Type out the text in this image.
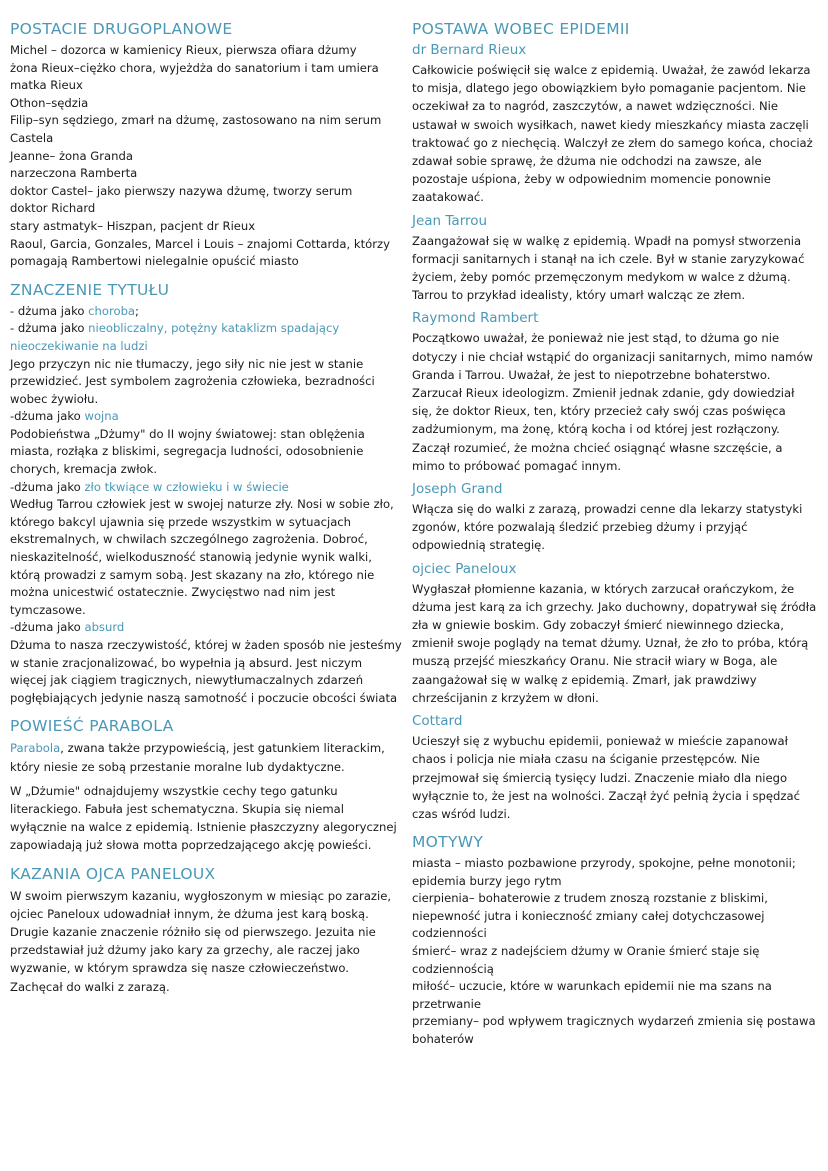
POSTACIE DRUGOPLANOWE
Michel – dozorca w kamienicy Rieux, pierwsza ofiara dżumy
żona Rieux–ciężko chora, wyjeżdża do sanatorium i tam umiera
matka Rieux
Othon–sędzia
Filip–syn sędziego, zmarł na dżumę, zastosowano na nim serum Castela
Jeanne– żona Granda
narzeczona Ramberta
doktor Castel– jako pierwszy nazywa dżumę, tworzy serum
doktor Richard
stary astmatyk– Hiszpan, pacjent dr Rieux
Raoul, Garcia, Gonzales, Marcel i Louis – znajomi Cottarda, którzy pomagają Rambertowi nielegalnie opuścić miasto
ZNACZENIE TYTUŁU
- dżuma jako choroba;
- dżuma jako nieobliczalny, potężny kataklizm spadający nieoczekiwanie na ludzi
Jego przyczyn nic nie tłumaczy, jego siły nic nie jest w stanie przewidzieć. Jest symbolem zagrożenia człowieka, bezradności wobec żywiołu.
-dżuma jako wojna
Podobieństwa „Dżumy" do II wojny światowej: stan oblężenia miasta, rozłąka z bliskimi, segregacja ludności, odosobnienie chorych, kremacja zwłok.
-dżuma jako zło tkwiące w człowieku i w świecie
Według Tarrou człowiek jest w swojej naturze zły. Nosi w sobie zło, którego bakcyl ujawnia się przede wszystkim w sytuacjach ekstremalnych, w chwilach szczególnego zagrożenia. Dobroć, nieskazitelność, wielkoduszność stanowią jedynie wynik walki, którą prowadzi z samym sobą. Jest skazany na zło, którego nie można unicestwić ostatecznie. Zwycięstwo nad nim jest tymczasowe.
-dżuma jako absurd
Dżuma to nasza rzeczywistość, której w żaden sposób nie jesteśmy w stanie zracjonalizować, bo wypełnia ją absurd. Jest niczym więcej jak ciągiem tragicznych, niewytłumaczalnych zdarzeń pogłębiających jedynie naszą samotność i poczucie obcości świata
POWIEŚĆ PARABOLA
Parabola, zwana także przypowieścią, jest gatunkiem literackim, który niesie ze sobą przestanie moralne lub dydaktyczne.
W „Dżumie" odnajdujemy wszystkie cechy tego gatunku literackiego. Fabuła jest schematyczna. Skupia się niemal wyłącznie na walce z epidemią. Istnienie płaszczyzny alegorycznej zapowiadają już słowa motta poprzedzającego akcję powieści.
KAZANIA OJCA PANELOUX
W swoim pierwszym kazaniu, wygłoszonym w miesiąc po zarazie, ojciec Paneloux udowadniał innym, że dżuma jest karą boską. Drugie kazanie znaczenie różniło się od pierwszego. Jezuita nie przedstawiał już dżumy jako kary za grzechy, ale raczej jako wyzwanie, w którym sprawdza się nasze człowieczeństwo. Zachęcał do walki z zarazą.
POSTAWA WOBEC EPIDEMII
dr Bernard Rieux
Całkowicie poświęcił się walce z epidemią. Uważał, że zawód lekarza to misja, dlatego jego obowiązkiem było pomaganie pacjentom. Nie oczekiwał za to nagród, zaszczytów, a nawet wdzięczności. Nie ustawał w swoich wysiłkach, nawet kiedy mieszkańcy miasta zaczęli traktować go z niechęcią. Walczył ze złem do samego końca, chociaż zdawał sobie sprawę, że dżuma nie odchodzi na zawsze, ale pozostaje uśpiona, żeby w odpowiednim momencie ponownie zaatakować.
Jean Tarrou
Zaangażował się w walkę z epidemią. Wpadł na pomysł stworzenia formacji sanitarnych i stanął na ich czele. Był w stanie zaryzykować życiem, żeby pomóc przemęczonym medykom w walce z dżumą. Tarrou to przykład idealisty, który umarł walcząc ze złem.
Raymond Rambert
Początkowo uważał, że ponieważ nie jest stąd, to dżuma go nie dotyczy i nie chciał wstąpić do organizacji sanitarnych, mimo namów Granda i Tarrou. Uważał, że jest to niepotrzebne bohaterstwo. Zarzucał Rieux ideologizm. Zmienił jednak zdanie, gdy dowiedział się, że doktor Rieux, ten, który przecież cały swój czas poświęca zadżumionym, ma żonę, którą kocha i od której jest rozłączony. Zaczął rozumieć, że można chcieć osiągnąć własne szczęście, a mimo to próbować pomagać innym.
Joseph Grand
Włącza się do walki z zarazą, prowadzi cenne dla lekarzy statystyki zgonów, które pozwalają śledzić przebieg dżumy i przyjąć odpowiednią strategię.
ojciec Paneloux
Wygłaszał płomienne kazania, w których zarzucał orańczykom, że dżuma jest karą za ich grzechy. Jako duchowny, dopatrywał się źródła zła w gniewie boskim. Gdy zobaczył śmierć niewinnego dziecka, zmienił swoje poglądy na temat dżumy. Uznał, że zło to próba, którą muszą przejść mieszkańcy Oranu. Nie stracił wiary w Boga, ale zaangażował się w walkę z epidemią. Zmarł, jak prawdziwy chrześcijanin z krzyżem w dłoni.
Cottard
Ucieszył się z wybuchu epidemii, ponieważ w mieście zapanował chaos i policja nie miała czasu na ściganie przestępców. Nie przejmował się śmiercią tysięcy ludzi. Znaczenie miało dla niego wyłącznie to, że jest na wolności. Zaczął żyć pełnią życia i spędzać czas wśród ludzi.
MOTYWY
miasta – miasto pozbawione przyrody, spokojne, pełne monotonii; epidemia burzy jego rytm
cierpienia– bohaterowie z trudem znoszą rozstanie z bliskimi, niepewność jutra i konieczność zmiany całej dotychczasowej codzienności
śmierć– wraz z nadejściem dżumy w Oranie śmierć staje się codziennością
miłość– uczucie, które w warunkach epidemii nie ma szans na przetrwanie
przemiany– pod wpływem tragicznych wydarzeń zmienia się postawa bohaterów
